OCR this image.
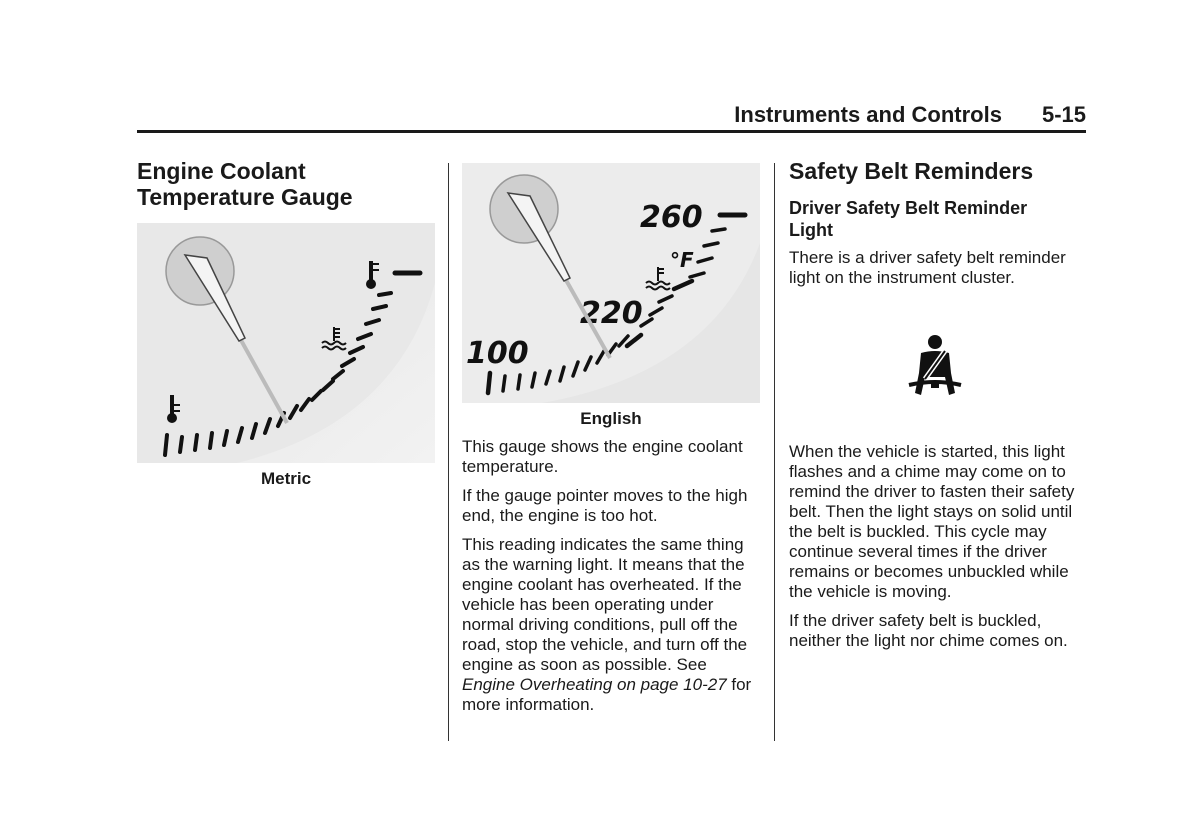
Instruments and Controls 5-15
Engine Coolant
Temperature Gauge
Metric
260
220
100
°F
English

This gauge shows the engine coolant temperature.

If the gauge pointer moves to the high end, the engine is too hot.

This reading indicates the same thing as the warning light. It means that the engine coolant has overheated. If the vehicle has been operating under normal driving conditions, pull off the road, stop the vehicle, and turn off the engine as soon as possible. See Engine Overheating on page 10-27 for more information.

Safety Belt Reminders
Driver Safety Belt Reminder
Light

There is a driver safety belt reminder light on the instrument cluster.

When the vehicle is started, this light flashes and a chime may come on to remind the driver to fasten their safety belt. Then the light stays on solid until the belt is buckled. This cycle may continue several times if the driver remains or becomes unbuckled while the vehicle is moving.

If the driver safety belt is buckled, neither the light nor chime comes on.
